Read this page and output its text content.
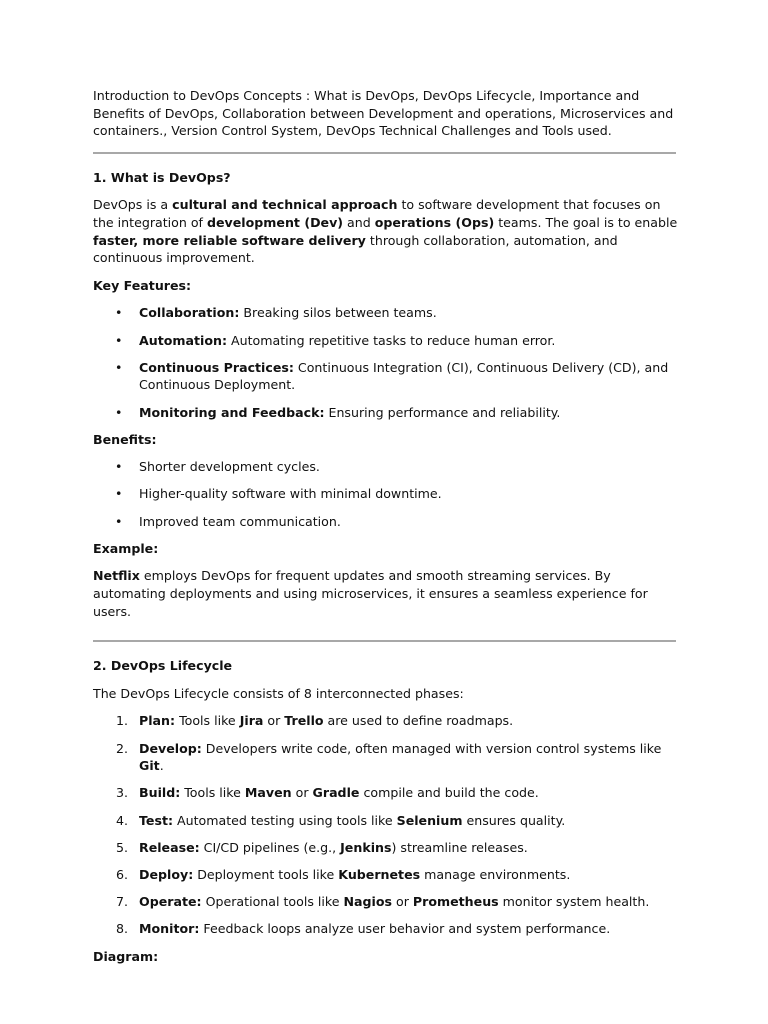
Introduction to DevOps Concepts : What is DevOps, DevOps Lifecycle, Importance and Benefits of DevOps, Collaboration between Development and operations, Microservices and containers., Version Control System, DevOps Technical Challenges and Tools used.

1. What is DevOps?

DevOps is a cultural and technical approach to software development that focuses on the integration of development (Dev) and operations (Ops) teams. The goal is to enable faster, more reliable software delivery through collaboration, automation, and continuous improvement.

Key Features:

• Collaboration: Breaking silos between teams.
• Automation: Automating repetitive tasks to reduce human error.
• Continuous Practices: Continuous Integration (CI), Continuous Delivery (CD), and Continuous Deployment.
• Monitoring and Feedback: Ensuring performance and reliability.

Benefits:

• Shorter development cycles.
• Higher-quality software with minimal downtime.
• Improved team communication.

Example:

Netflix employs DevOps for frequent updates and smooth streaming services. By automating deployments and using microservices, it ensures a seamless experience for users.

2. DevOps Lifecycle

The DevOps Lifecycle consists of 8 interconnected phases:

1. Plan: Tools like Jira or Trello are used to define roadmaps.
2. Develop: Developers write code, often managed with version control systems like Git.
3. Build: Tools like Maven or Gradle compile and build the code.
4. Test: Automated testing using tools like Selenium ensures quality.
5. Release: CI/CD pipelines (e.g., Jenkins) streamline releases.
6. Deploy: Deployment tools like Kubernetes manage environments.
7. Operate: Operational tools like Nagios or Prometheus monitor system health.
8. Monitor: Feedback loops analyze user behavior and system performance.

Diagram:
